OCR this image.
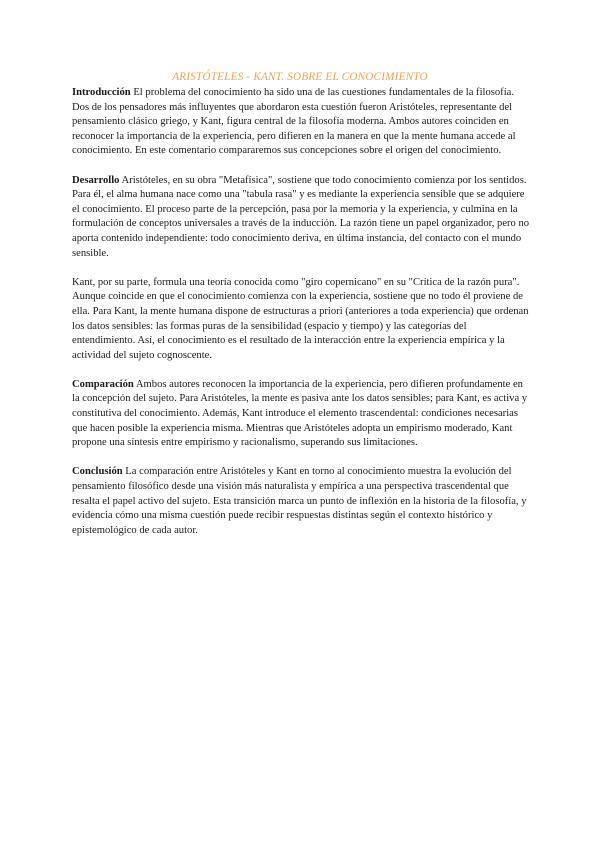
ARISTÓTELES - KANT. SOBRE EL CONOCIMIENTO

Introducción El problema del conocimiento ha sido una de las cuestiones fundamentales de la filosofía. Dos de los pensadores más influyentes que abordaron esta cuestión fueron Aristóteles, representante del pensamiento clásico griego, y Kant, figura central de la filosofía moderna. Ambos autores coinciden en reconocer la importancia de la experiencia, pero difieren en la manera en que la mente humana accede al conocimiento. En este comentario compararemos sus concepciones sobre el origen del conocimiento.

Desarrollo Aristóteles, en su obra "Metafísica", sostiene que todo conocimiento comienza por los sentidos. Para él, el alma humana nace como una "tabula rasa" y es mediante la experiencia sensible que se adquiere el conocimiento. El proceso parte de la percepción, pasa por la memoria y la experiencia, y culmina en la formulación de conceptos universales a través de la inducción. La razón tiene un papel organizador, pero no aporta contenido independiente: todo conocimiento deriva, en última instancia, del contacto con el mundo sensible.

Kant, por su parte, formula una teoría conocida como "giro copernicano" en su "Crítica de la razón pura". Aunque coincide en que el conocimiento comienza con la experiencia, sostiene que no todo él proviene de ella. Para Kant, la mente humana dispone de estructuras a priori (anteriores a toda experiencia) que ordenan los datos sensibles: las formas puras de la sensibilidad (espacio y tiempo) y las categorías del entendimiento. Así, el conocimiento es el resultado de la interacción entre la experiencia empírica y la actividad del sujeto cognoscente.

Comparación Ambos autores reconocen la importancia de la experiencia, pero difieren profundamente en la concepción del sujeto. Para Aristóteles, la mente es pasiva ante los datos sensibles; para Kant, es activa y constitutiva del conocimiento. Además, Kant introduce el elemento trascendental: condiciones necesarias que hacen posible la experiencia misma. Mientras que Aristóteles adopta un empirismo moderado, Kant propone una síntesis entre empirismo y racionalismo, superando sus limitaciones.

Conclusión La comparación entre Aristóteles y Kant en torno al conocimiento muestra la evolución del pensamiento filosófico desde una visión más naturalista y empírica a una perspectiva trascendental que resalta el papel activo del sujeto. Esta transición marca un punto de inflexión en la historia de la filosofía, y evidencia cómo una misma cuestión puede recibir respuestas distintas según el contexto histórico y epistemológico de cada autor.
